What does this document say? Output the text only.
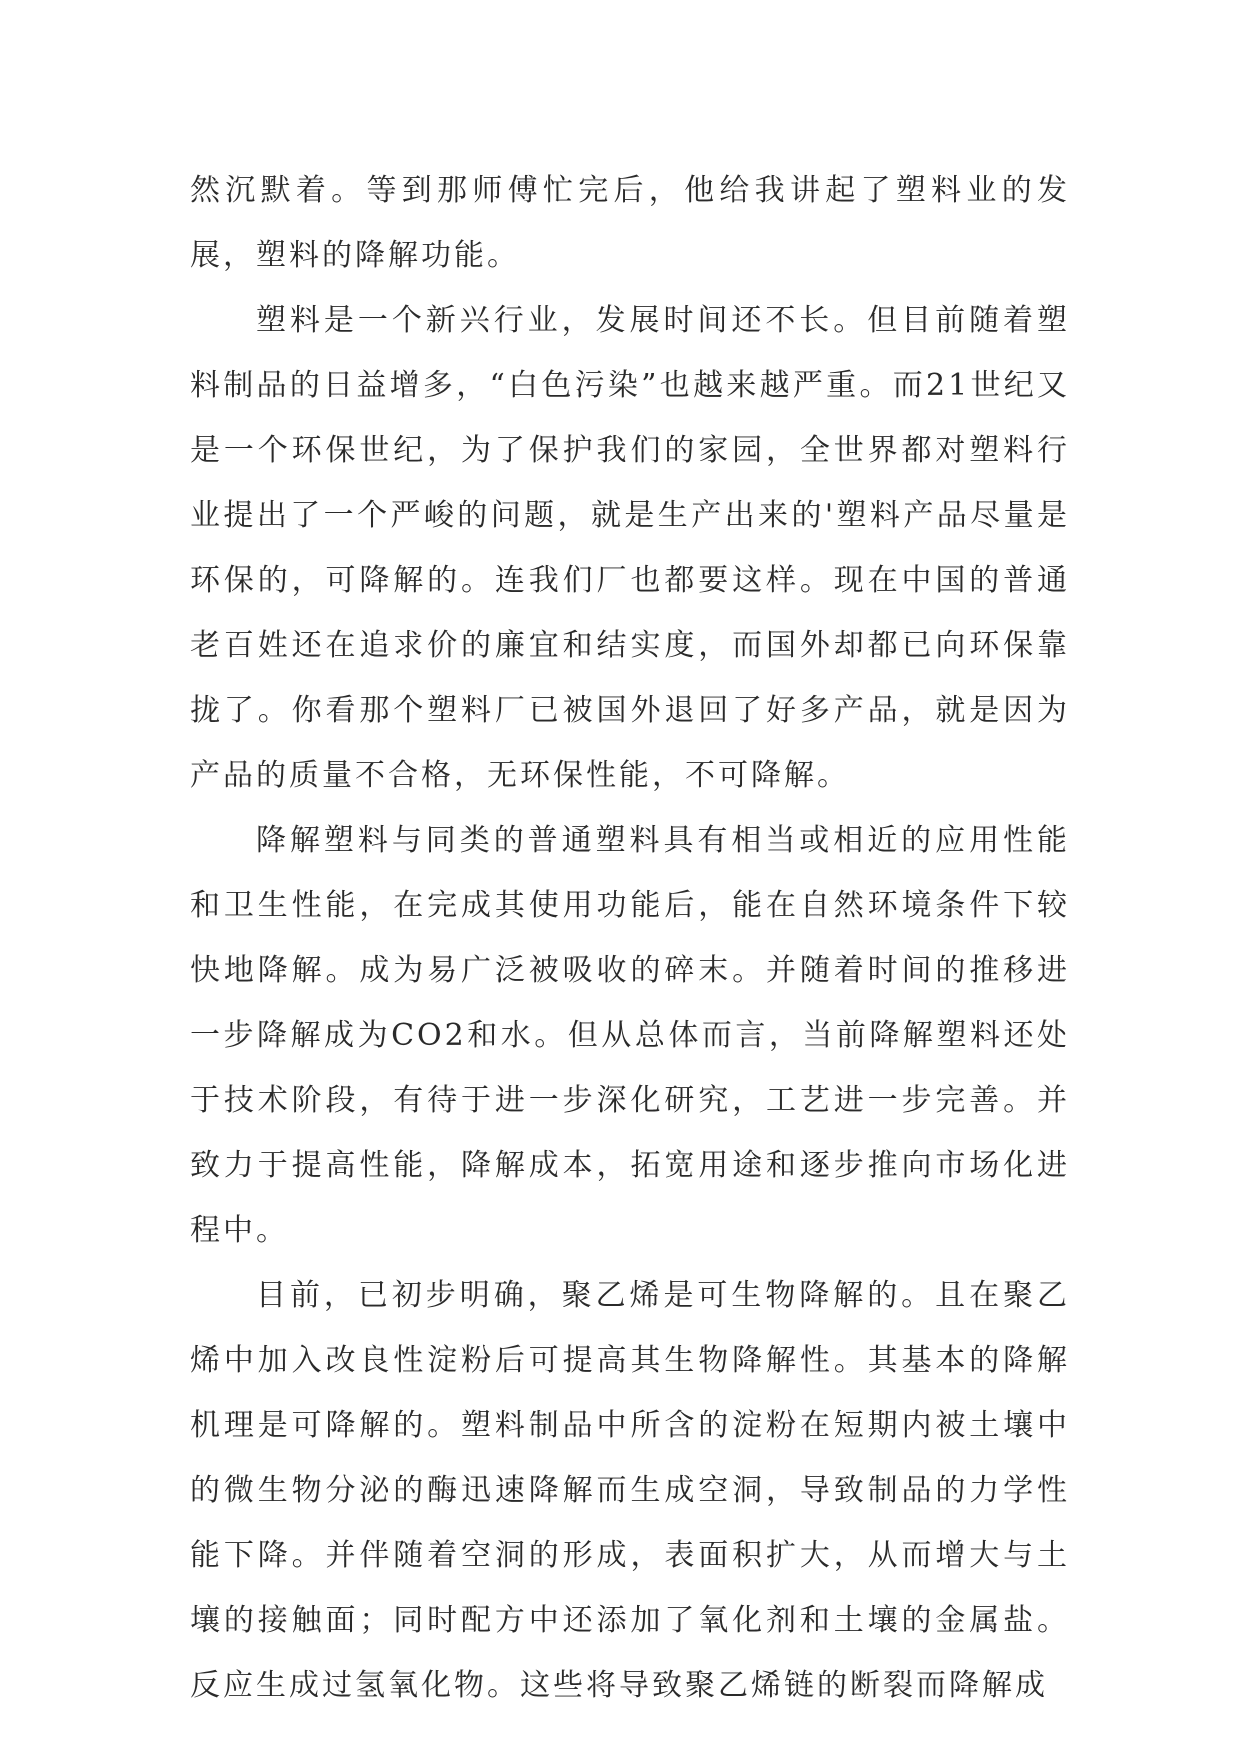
然沉默着。等到那师傅忙完后，他给我讲起了塑料业的发展，塑料的降解功能。

塑料是一个新兴行业，发展时间还不长。但目前随着塑料制品的日益增多，“白色污染”也越来越严重。而21世纪又是一个环保世纪，为了保护我们的家园，全世界都对塑料行业提出了一个严峻的问题，就是生产出来的'塑料产品尽量是环保的，可降解的。连我们厂也都要这样。现在中国的普通老百姓还在追求价的廉宜和结实度，而国外却都已向环保靠拢了。你看那个塑料厂已被国外退回了好多产品，就是因为产品的质量不合格，无环保性能，不可降解。

降解塑料与同类的普通塑料具有相当或相近的应用性能和卫生性能，在完成其使用功能后，能在自然环境条件下较快地降解。成为易广泛被吸收的碎末。并随着时间的推移进一步降解成为CO2和水。但从总体而言，当前降解塑料还处于技术阶段，有待于进一步深化研究，工艺进一步完善。并致力于提高性能，降解成本，拓宽用途和逐步推向市场化进程中。

目前，已初步明确，聚乙烯是可生物降解的。且在聚乙烯中加入改良性淀粉后可提高其生物降解性。其基本的降解机理是可降解的。塑料制品中所含的淀粉在短期内被土壤中的微生物分泌的酶迅速降解而生成空洞，导致制品的力学性能下降。并伴随着空洞的形成，表面积扩大，从而增大与土壤的接触面；同时配方中还添加了氧化剂和土壤的金属盐。反应生成过氢氧化物。这些将导致聚乙烯链的断裂而降解成
